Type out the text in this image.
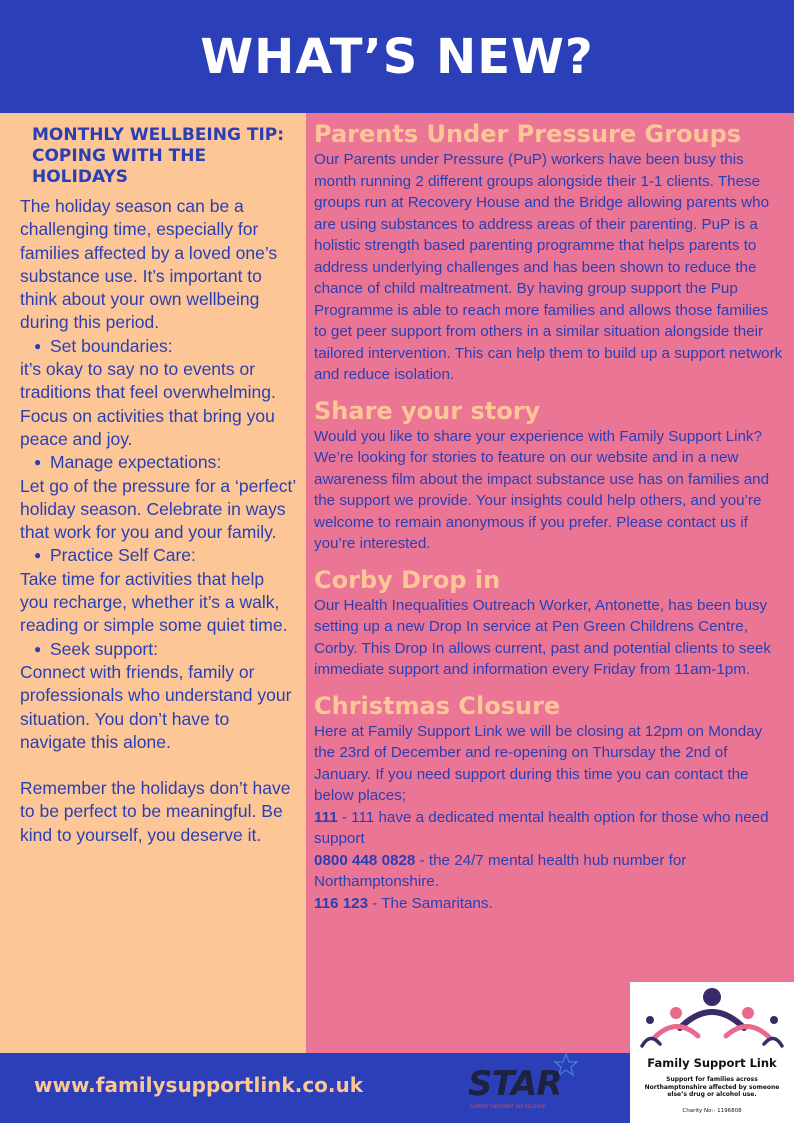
WHAT’S NEW?
MONTHLY WELLBEING TIP: COPING WITH THE HOLIDAYS

The holiday season can be a challenging time, especially for families affected by a loved one’s substance use. It’s important to think about your own wellbeing during this period.

● Set boundaries:

it’s okay to say no to events or traditions that feel overwhelming. Focus on activities that bring you peace and joy.

● Manage expectations:

Let go of the pressure for a ‘perfect’ holiday season. Celebrate in ways that work for you and your family.

● Practice Self Care:

Take time for activities that help you recharge, whether it’s a walk, reading or simple some quiet time.

● Seek support:

Connect with friends, family or professionals who understand your situation. You don’t have to navigate this alone.

Remember the holidays don’t have to be perfect to be meaningful. Be kind to yourself, you deserve it.

Parents Under Pressure Groups

Our Parents under Pressure (PuP) workers have been busy this month running 2 different groups alongside their 1-1 clients. These groups run at Recovery House and the Bridge allowing parents who are using substances to address areas of their parenting. PuP is a holistic strength based parenting programme that helps parents to address underlying challenges and has been shown to reduce the chance of child maltreatment. By having group support the Pup Programme is able to reach more families and allows those families to get peer support from others in a similar situation alongside their tailored intervention. This can help them to build up a support network and reduce isolation.

Share your story

Would you like to share your experience with Family Support Link? We’re looking for stories to feature on our website and in a new awareness film about the impact substance use has on families and the support we provide. Your insights could help others, and you’re welcome to remain anonymous if you prefer. Please contact us if you’re interested.

Corby Drop in

Our Health Inequalities Outreach Worker, Antonette, has been busy setting up a new Drop In service at Pen Green Childrens Centre, Corby. This Drop In allows current, past and potential clients to seek immediate support and information every Friday from 11am-1pm.

Christmas Closure
Here at Family Support Link we will be closing at 12pm on Monday the 23rd of December and re-opening on Thursday the 2nd of January. If you need support during this time you can contact the below places;
111 - 111 have a dedicated mental health option for those who need support
0800 448 0828 - the 24/7 mental health hub number for Northamptonshire.
116 123 - The Samaritans.
www.familysupportlink.co.uk	STAR
SUPPORT TREATMENT AND RECOVERY
Family Support Link
Support for families across Northamptonshire affected by someone else’s drug or alcohol use.
Charity No:- 1196808
